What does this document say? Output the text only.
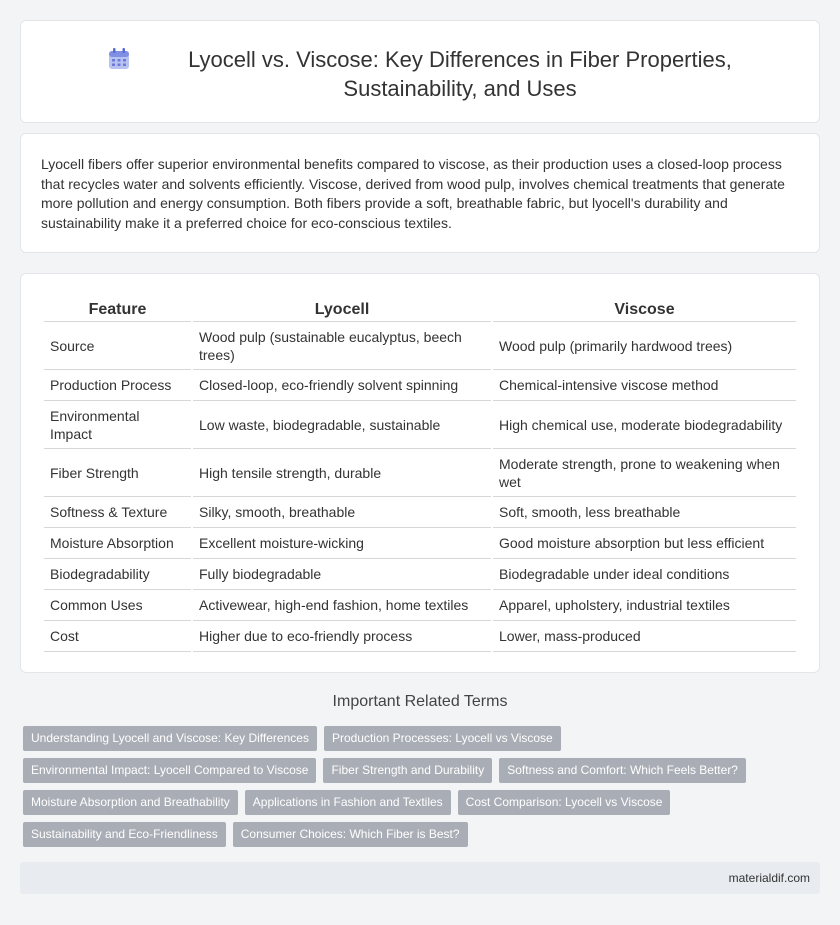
Lyocell vs. Viscose: Key Differences in Fiber Properties, Sustainability, and Uses

Lyocell fibers offer superior environmental benefits compared to viscose, as their production uses a closed-loop process that recycles water and solvents efficiently. Viscose, derived from wood pulp, involves chemical treatments that generate more pollution and energy consumption. Both fibers provide a soft, breathable fabric, but lyocell's durability and sustainability make it a preferred choice for eco-conscious textiles.

Feature	Lyocell	Viscose
Source	Wood pulp (sustainable eucalyptus, beech trees)	Wood pulp (primarily hardwood trees)
Production Process	Closed-loop, eco-friendly solvent spinning	Chemical-intensive viscose method
Environmental Impact	Low waste, biodegradable, sustainable	High chemical use, moderate biodegradability
Fiber Strength	High tensile strength, durable	Moderate strength, prone to weakening when wet
Softness & Texture	Silky, smooth, breathable	Soft, smooth, less breathable
Moisture Absorption	Excellent moisture-wicking	Good moisture absorption but less efficient
Biodegradability	Fully biodegradable	Biodegradable under ideal conditions
Common Uses	Activewear, high-end fashion, home textiles	Apparel, upholstery, industrial textiles
Cost	Higher due to eco-friendly process	Lower, mass-produced
Important Related Terms
Understanding Lyocell and Viscose: Key Differences	Production Processes: Lyocell vs Viscose
Environmental Impact: Lyocell Compared to Viscose	Fiber Strength and Durability	Softness and Comfort: Which Feels Better?
Moisture Absorption and Breathability	Applications in Fashion and Textiles	Cost Comparison: Lyocell vs Viscose
Sustainability and Eco-Friendliness	Consumer Choices: Which Fiber is Best?
materialdif.com
